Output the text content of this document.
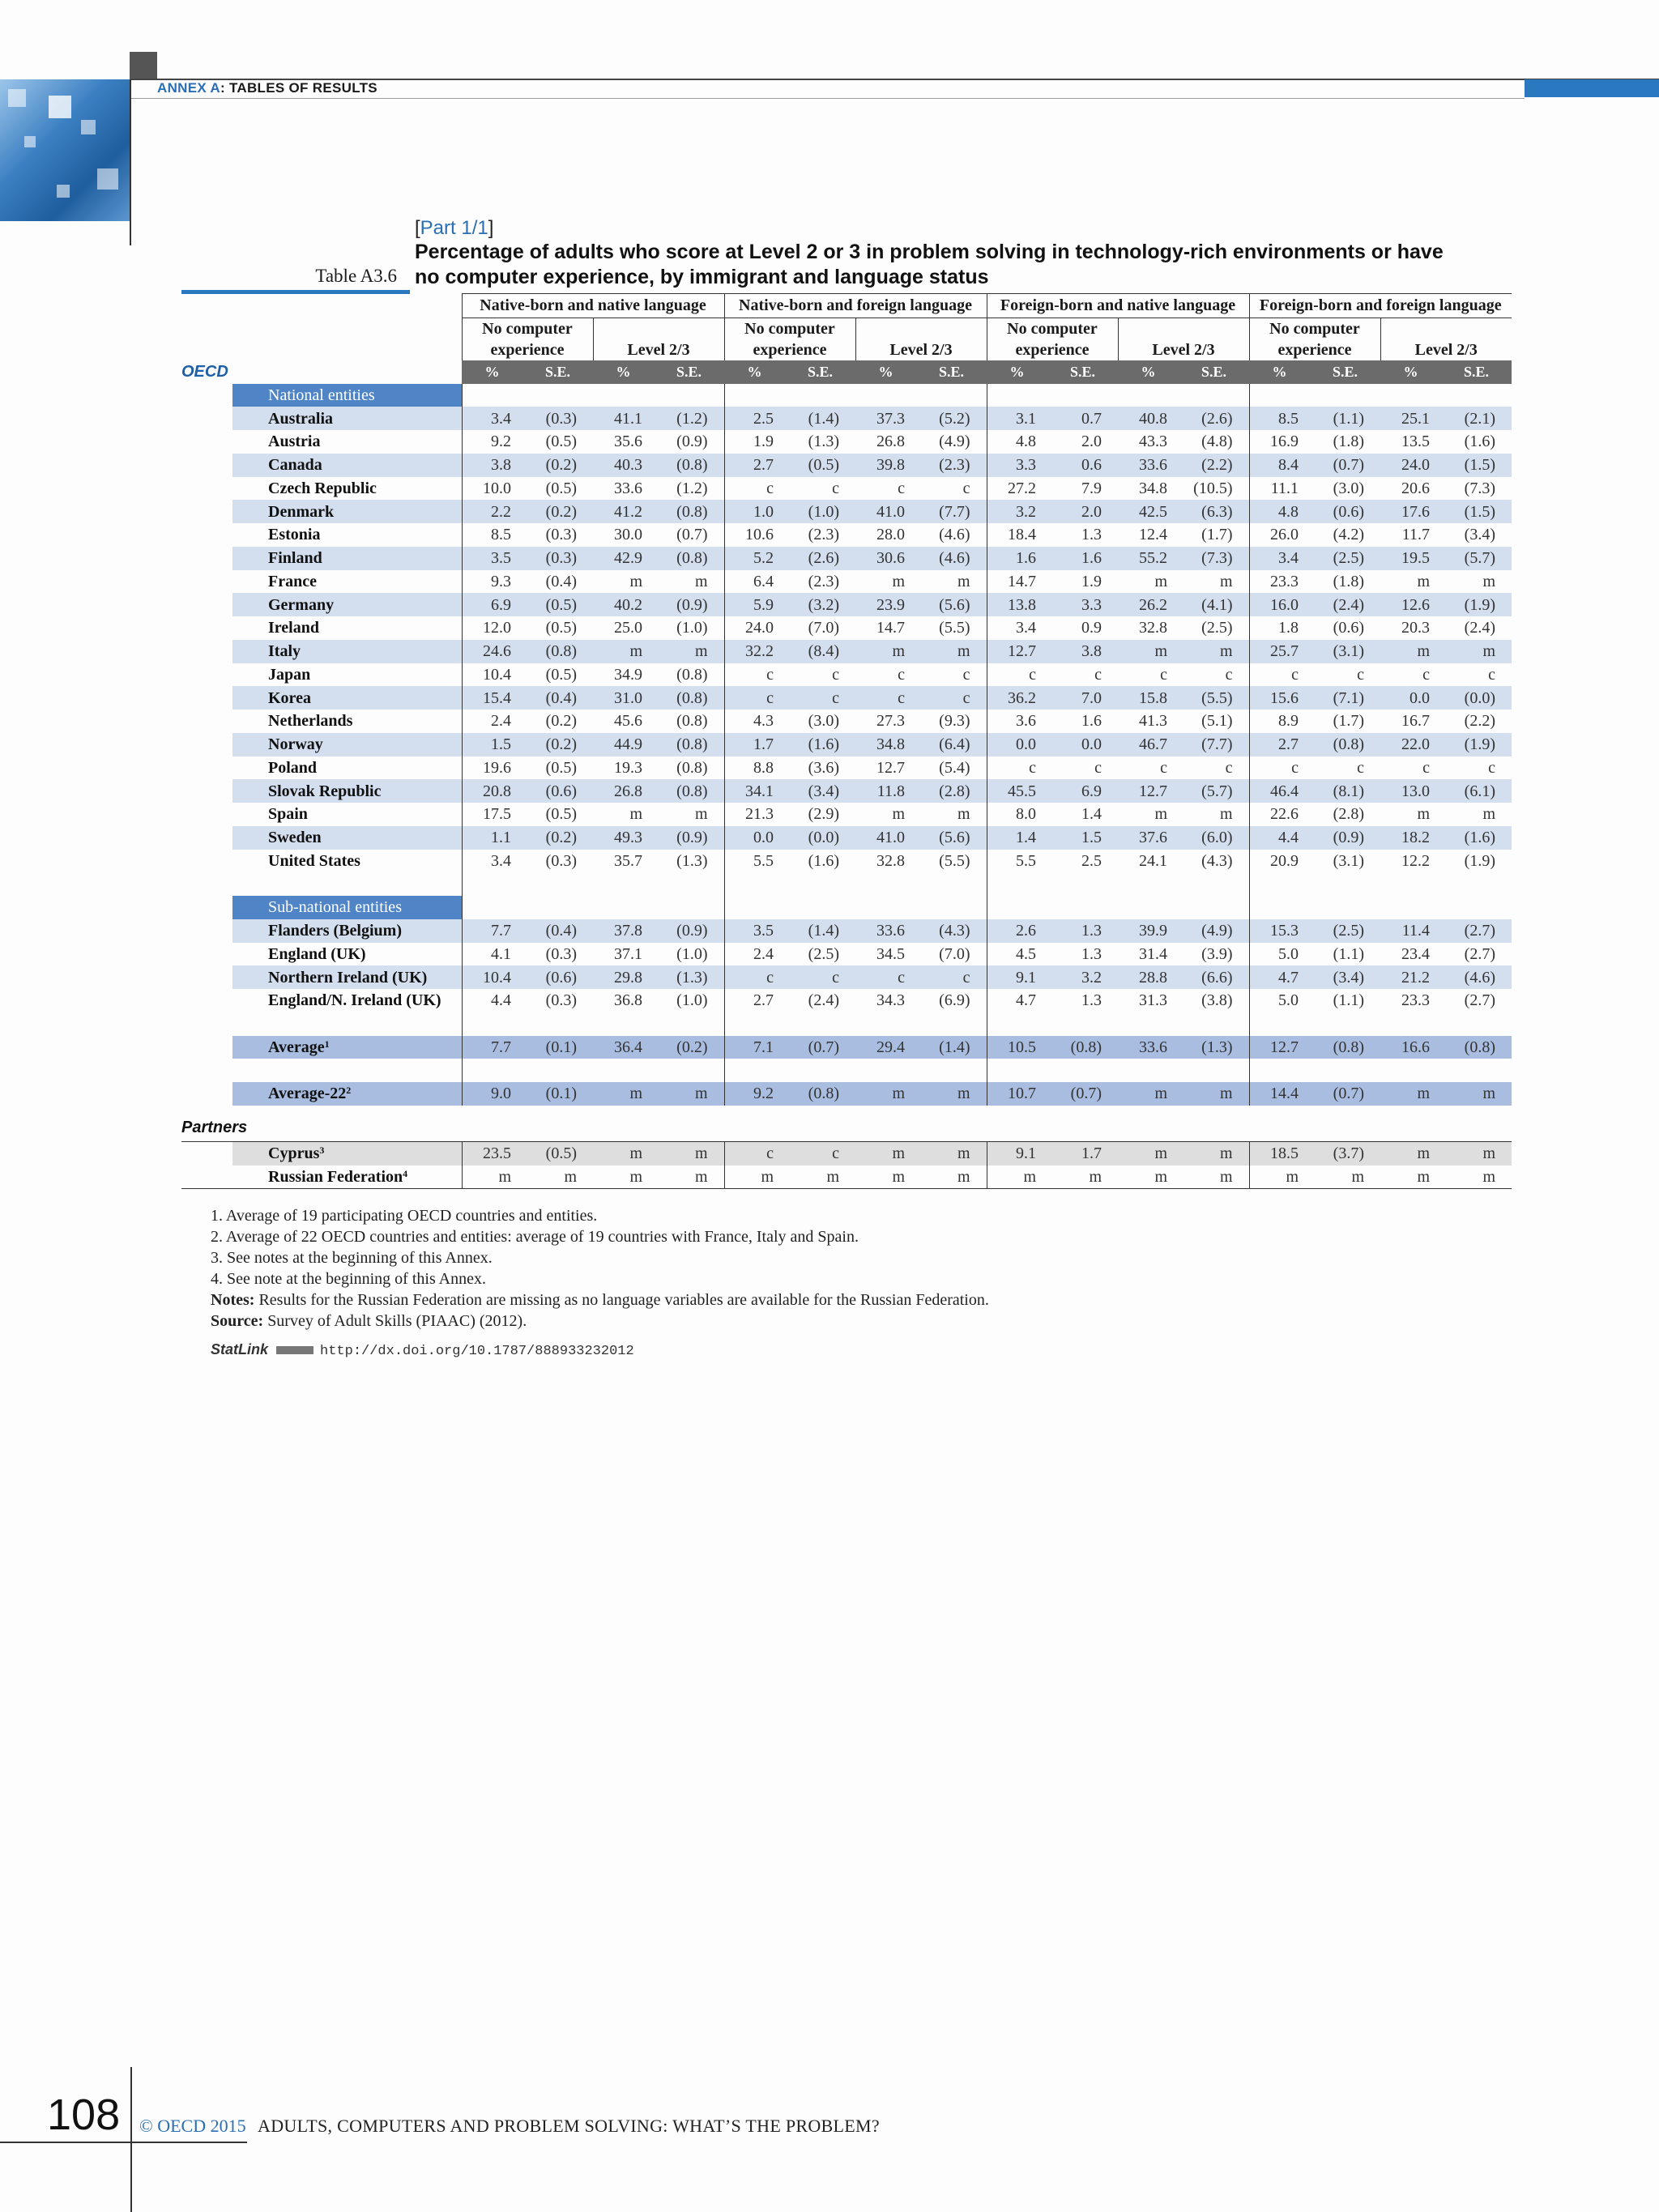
ANNEX A: TABLES OF RESULTS
[Part 1/1]
Percentage of adults who score at Level 2 or 3 in problem solving in technology-rich environments or have no computer experience, by immigrant and language status
Table A3.6
		Native-born and native language				Native-born and foreign language				Foreign-born and native language				Foreign-born and foreign language			
		No computer experience		Level 2/3		No computer experience		Level 2/3		No computer experience		Level 2/3		No computer experience		Level 2/3	
OECD		%	S.E.	%	S.E.	%	S.E.	%	S.E.	%	S.E.	%	S.E.	%	S.E.	%	S.E.
	National entities																
	Australia	3.4	(0.3)	41.1	(1.2)	2.5	(1.4)	37.3	(5.2)	3.1	0.7	40.8	(2.6)	8.5	(1.1)	25.1	(2.1)
	Austria	9.2	(0.5)	35.6	(0.9)	1.9	(1.3)	26.8	(4.9)	4.8	2.0	43.3	(4.8)	16.9	(1.8)	13.5	(1.6)
	Canada	3.8	(0.2)	40.3	(0.8)	2.7	(0.5)	39.8	(2.3)	3.3	0.6	33.6	(2.2)	8.4	(0.7)	24.0	(1.5)
	Czech Republic	10.0	(0.5)	33.6	(1.2)	c	c	c	c	27.2	7.9	34.8	(10.5)	11.1	(3.0)	20.6	(7.3)
	Denmark	2.2	(0.2)	41.2	(0.8)	1.0	(1.0)	41.0	(7.7)	3.2	2.0	42.5	(6.3)	4.8	(0.6)	17.6	(1.5)
	Estonia	8.5	(0.3)	30.0	(0.7)	10.6	(2.3)	28.0	(4.6)	18.4	1.3	12.4	(1.7)	26.0	(4.2)	11.7	(3.4)
	Finland	3.5	(0.3)	42.9	(0.8)	5.2	(2.6)	30.6	(4.6)	1.6	1.6	55.2	(7.3)	3.4	(2.5)	19.5	(5.7)
	France	9.3	(0.4)	m	m	6.4	(2.3)	m	m	14.7	1.9	m	m	23.3	(1.8)	m	m
	Germany	6.9	(0.5)	40.2	(0.9)	5.9	(3.2)	23.9	(5.6)	13.8	3.3	26.2	(4.1)	16.0	(2.4)	12.6	(1.9)
	Ireland	12.0	(0.5)	25.0	(1.0)	24.0	(7.0)	14.7	(5.5)	3.4	0.9	32.8	(2.5)	1.8	(0.6)	20.3	(2.4)
	Italy	24.6	(0.8)	m	m	32.2	(8.4)	m	m	12.7	3.8	m	m	25.7	(3.1)	m	m
	Japan	10.4	(0.5)	34.9	(0.8)	c	c	c	c	c	c	c	c	c	c	c	c
	Korea	15.4	(0.4)	31.0	(0.8)	c	c	c	c	36.2	7.0	15.8	(5.5)	15.6	(7.1)	0.0	(0.0)
	Netherlands	2.4	(0.2)	45.6	(0.8)	4.3	(3.0)	27.3	(9.3)	3.6	1.6	41.3	(5.1)	8.9	(1.7)	16.7	(2.2)
	Norway	1.5	(0.2)	44.9	(0.8)	1.7	(1.6)	34.8	(6.4)	0.0	0.0	46.7	(7.7)	2.7	(0.8)	22.0	(1.9)
	Poland	19.6	(0.5)	19.3	(0.8)	8.8	(3.6)	12.7	(5.4)	c	c	c	c	c	c	c	c
	Slovak Republic	20.8	(0.6)	26.8	(0.8)	34.1	(3.4)	11.8	(2.8)	45.5	6.9	12.7	(5.7)	46.4	(8.1)	13.0	(6.1)
	Spain	17.5	(0.5)	m	m	21.3	(2.9)	m	m	8.0	1.4	m	m	22.6	(2.8)	m	m
	Sweden	1.1	(0.2)	49.3	(0.9)	0.0	(0.0)	41.0	(5.6)	1.4	1.5	37.6	(6.0)	4.4	(0.9)	18.2	(1.6)
	United States	3.4	(0.3)	35.7	(1.3)	5.5	(1.6)	32.8	(5.5)	5.5	2.5	24.1	(4.3)	20.9	(3.1)	12.2	(1.9)

	Sub-national entities																
	Flanders (Belgium)	7.7	(0.4)	37.8	(0.9)	3.5	(1.4)	33.6	(4.3)	2.6	1.3	39.9	(4.9)	15.3	(2.5)	11.4	(2.7)
	England (UK)	4.1	(0.3)	37.1	(1.0)	2.4	(2.5)	34.5	(7.0)	4.5	1.3	31.4	(3.9)	5.0	(1.1)	23.4	(2.7)
	Northern Ireland (UK)	10.4	(0.6)	29.8	(1.3)	c	c	c	c	9.1	3.2	28.8	(6.6)	4.7	(3.4)	21.2	(4.6)
	England/N. Ireland (UK)	4.4	(0.3)	36.8	(1.0)	2.7	(2.4)	34.3	(6.9)	4.7	1.3	31.3	(3.8)	5.0	(1.1)	23.3	(2.7)

	Average$^1$	7.7	(0.1)	36.4	(0.2)	7.1	(0.7)	29.4	(1.4)	10.5	(0.8)	33.6	(1.3)	12.7	(0.8)	16.6	(0.8)

	Average-$22^2$	9.0	(0.1)	m	m	9.2	(0.8)	m	m	10.7	(0.7)	m	m	14.4	(0.7)	m	m
Partners																	
	Cyprus$^3$	23.5	(0.5)	m	m	c	c	m	m	9.1	1.7	m	m	18.5	(3.7)	m	m
	Russian Federation$^4$	m	m	m	m	m	m	m	m	m	m	m	m	m	m	m	m
1. Average of 19 participating OECD countries and entities.
2. Average of 22 OECD countries and entities: average of 19 countries with France, Italy and Spain.
3. See notes at the beginning of this Annex.
4. See note at the beginning of this Annex.
Notes: Results for the Russian Federation are missing as no language variables are available for the Russian Federation.
Source: Survey of Adult Skills (PIAAC) (2012).
StatLink	http://dx.doi.org/10.1787/888933232012
108 © OECD 2015 ADULTS, COMPUTERS AND PROBLEM SOLVING: WHAT’S THE PROBLEM?
